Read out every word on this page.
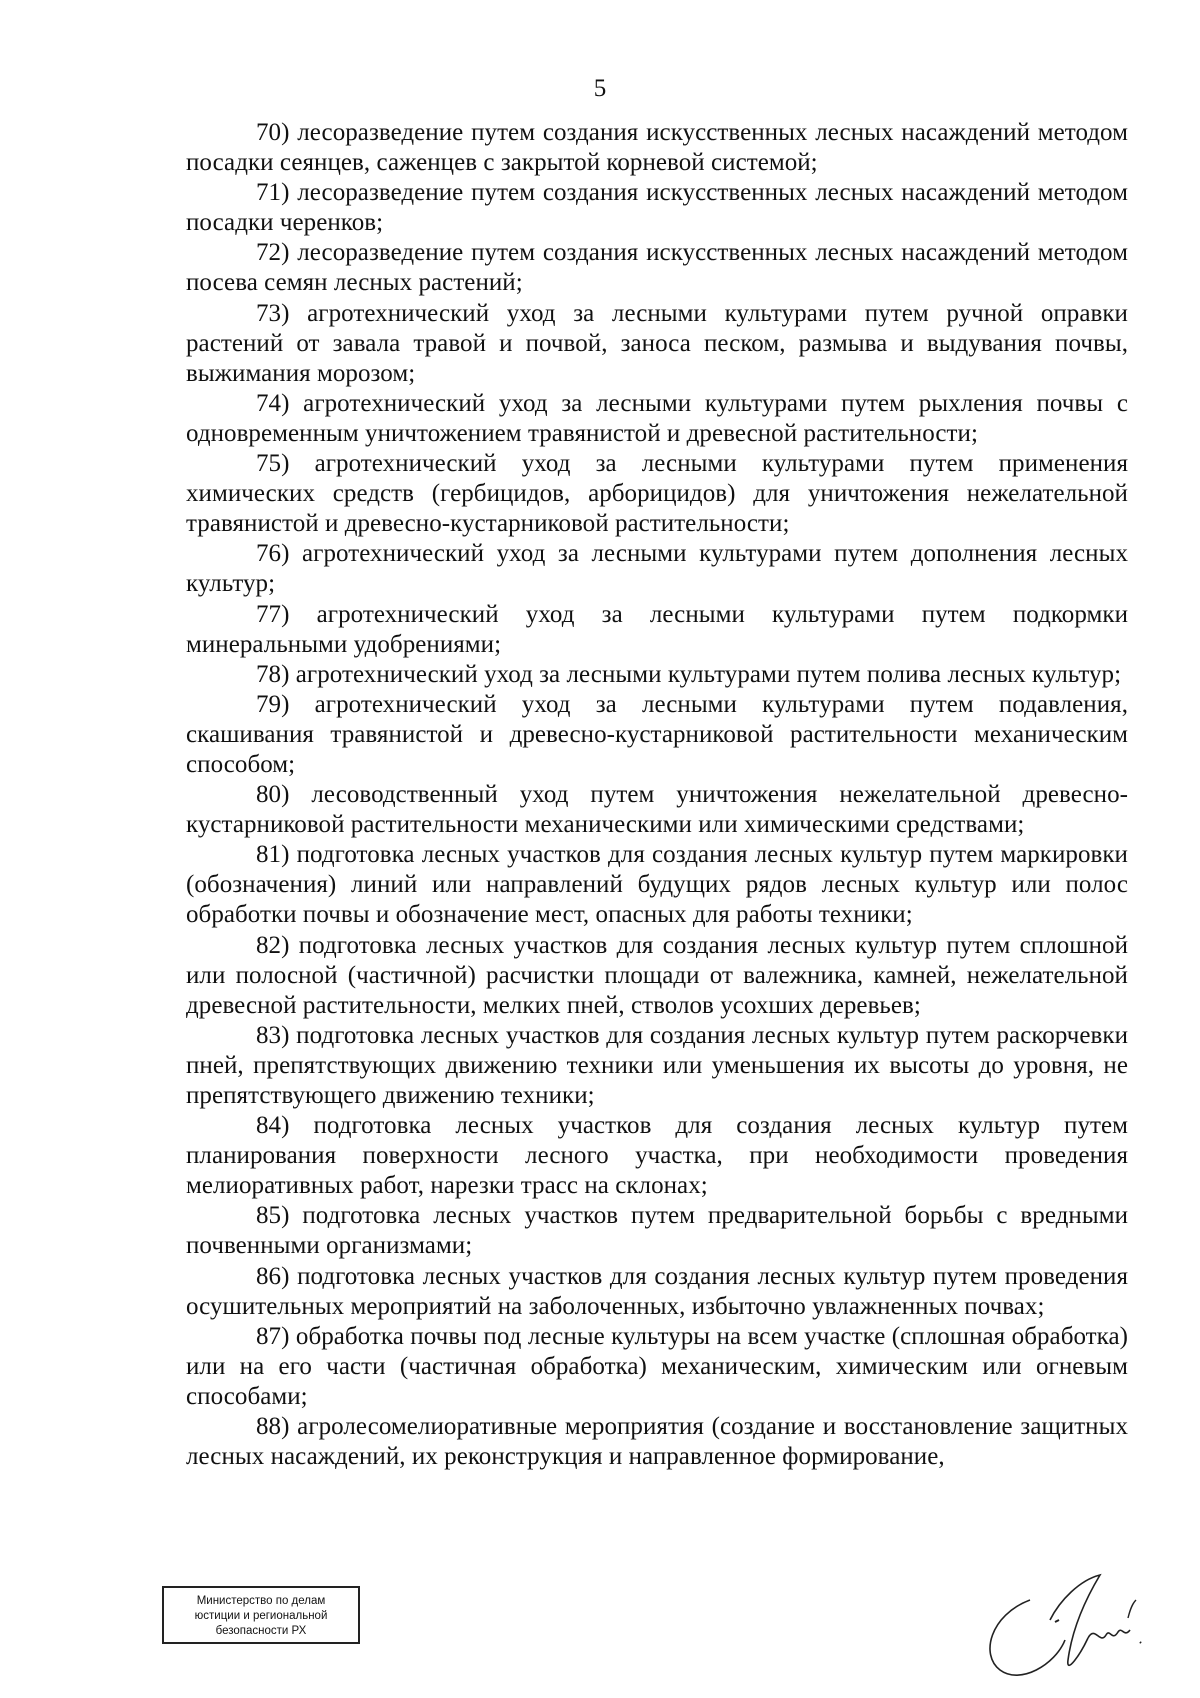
5

70) лесоразведение путем создания искусственных лесных насаждений методом посадки сеянцев, саженцев с закрытой корневой системой;

71) лесоразведение путем создания искусственных лесных насаждений методом посадки черенков;

72) лесоразведение путем создания искусственных лесных насаждений методом посева семян лесных растений;

73) агротехнический уход за лесными культурами путем ручной оправки растений от завала травой и почвой, заноса песком, размыва и выдувания почвы, выжимания морозом;

74) агротехнический уход за лесными культурами путем рыхления почвы с одновременным уничтожением травянистой и древесной растительности;

75) агротехнический уход за лесными культурами путем применения химических средств (гербицидов, арборицидов) для уничтожения нежелательной травянистой и древесно-кустарниковой растительности;

76) агротехнический уход за лесными культурами путем дополнения лесных культур;

77) агротехнический уход за лесными культурами путем подкормки минеральными удобрениями;

78) агротехнический уход за лесными культурами путем полива лесных культур;

79) агротехнический уход за лесными культурами путем подавления, скашивания травянистой и древесно-кустарниковой растительности механическим способом;

80) лесоводственный уход путем уничтожения нежелательной древесно-кустарниковой растительности механическими или химическими средствами;

81) подготовка лесных участков для создания лесных культур путем маркировки (обозначения) линий или направлений будущих рядов лесных культур или полос обработки почвы и обозначение мест, опасных для работы техники;

82) подготовка лесных участков для создания лесных культур путем сплошной или полосной (частичной) расчистки площади от валежника, камней, нежелательной древесной растительности, мелких пней, стволов усохших деревьев;

83) подготовка лесных участков для создания лесных культур путем раскорчевки пней, препятствующих движению техники или уменьшения их высоты до уровня, не препятствующего движению техники;

84) подготовка лесных участков для создания лесных культур путем планирования поверхности лесного участка, при необходимости проведения мелиоративных работ, нарезки трасс на склонах;

85) подготовка лесных участков путем предварительной борьбы с вредными почвенными организмами;

86) подготовка лесных участков для создания лесных культур путем проведения осушительных мероприятий на заболоченных, избыточно увлажненных почвах;

87) обработка почвы под лесные культуры на всем участке (сплошная обработка) или на его части (частичная обработка) механическим, химическим или огневым способами;

88) агролесомелиоративные мероприятия (создание и восстановление защитных лесных насаждений, их реконструкция и направленное формирование,

Министерство по делам
юстиции и региональной
безопасности РХ
